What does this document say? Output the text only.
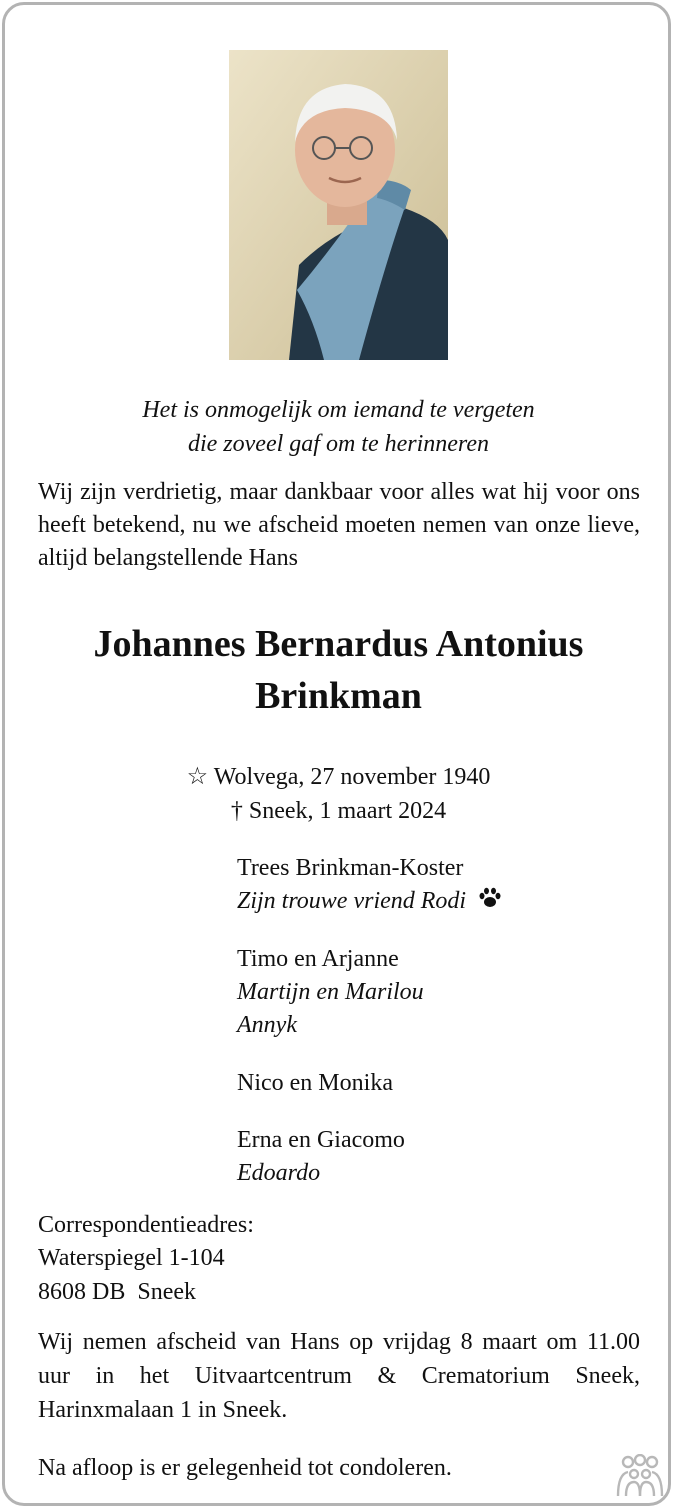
Het is onmogelijk om iemand te vergeten
die zoveel gaf om te herinneren
Wij zijn verdrietig, maar dankbaar voor alles wat hij voor ons heeft betekend, nu we afscheid moeten nemen van onze lieve, altijd belangstellende Hans
Johannes Bernardus Antonius
Brinkman
☆ Wolvega, 27 november 1940
† Sneek, 1 maart 2024
Trees Brinkman-Koster
Zijn trouwe vriend Rodi
Timo en Arjanne
Martijn en Marilou
Annyk
Nico en Monika
Erna en Giacomo
Edoardo
Correspondentieadres:
Waterspiegel 1-104
8608 DB  Sneek
Wij nemen afscheid van Hans op vrijdag 8 maart om 11.00 uur in het Uitvaartcentrum & Crematorium Sneek, Harinxmalaan 1 in Sneek.
Na afloop is er gelegenheid tot condoleren.
